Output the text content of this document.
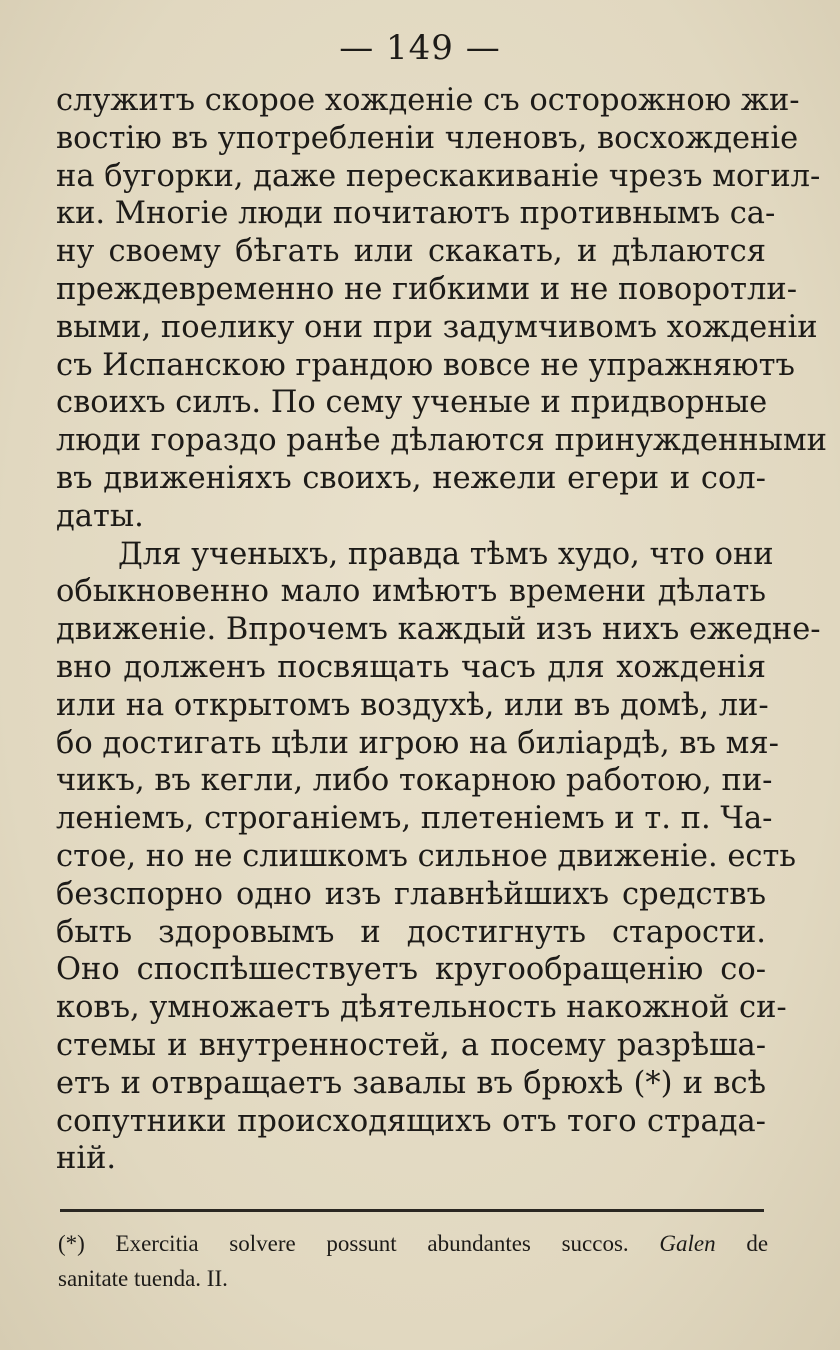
— 149 —
служитъ скорое хожденіе съ осторожною жи-
востію въ употребленіи членовъ, восхожденіе
на бугорки, даже перескакиваніе чрезъ могил-
ки. Многіе люди почитаютъ противнымъ са-
ну своему бѣгать или скакать, и дѣлаются
преждевременно не гибкими и не поворотли-
выми, поелику они при задумчивомъ хожденіи
съ Испанскою грандою вовсе не упражняютъ
своихъ силъ. По сему ученые и придворные
люди гораздо ранѣе дѣлаются принужденными
въ движеніяхъ своихъ, нежели егери и сол-
даты.
Для ученыхъ, правда тѣмъ худо, что они
обыкновенно мало имѣютъ времени дѣлать
движеніе. Впрочемъ каждый изъ нихъ ежедне-
вно долженъ посвящать часъ для хожденія
или на открытомъ воздухѣ, или въ домѣ, ли-
бо достигать цѣли игрою на биліардѣ, въ мя-
чикъ, въ кегли, либо токарною работою, пи-
леніемъ, строганіемъ, плетеніемъ и т. п. Ча-
стое, но не слишкомъ сильное движеніе. есть
безспорно одно изъ главнѣйшихъ средствъ
быть здоровымъ и достигнуть старости.
Оно споспѣшествуетъ кругообращенію со-
ковъ, умножаетъ дѣятельность накожной си-
стемы и внутренностей, а посему разрѣша-
етъ и отвращаетъ завалы въ брюхѣ (*) и всѣ
сопутники происходящихъ отъ того страда-
ній.
(*) Exercitia solvere possunt abundantes succos. Galen de
sanitate tuenda. II.
